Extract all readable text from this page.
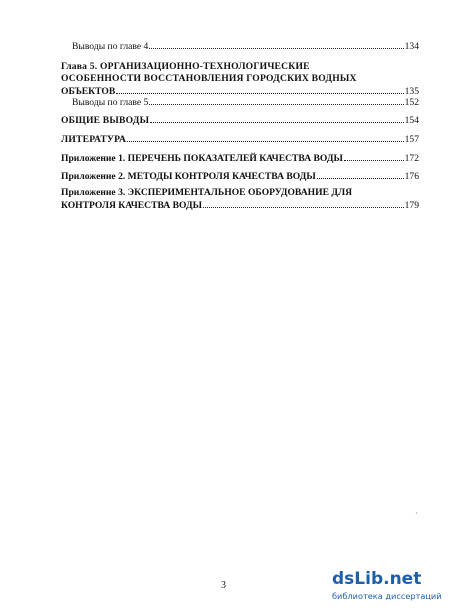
Выводы по главе 4	134
Глава 5. ОРГАНИЗАЦИОННО-ТЕХНОЛОГИЧЕСКИЕ
ОСОБЕННОСТИ ВОССТАНОВЛЕНИЯ ГОРОДСКИХ ВОДНЫХ
ОБЪЕКТОВ	135
Выводы по главе 5	152
ОБЩИЕ ВЫВОДЫ	154
ЛИТЕРАТУРА	157
Приложение 1. ПЕРЕЧЕНЬ ПОКАЗАТЕЛЕЙ КАЧЕСТВА ВОДЫ	172
Приложение 2. МЕТОДЫ КОНТРОЛЯ КАЧЕСТВА ВОДЫ	176
Приложение 3. ЭКСПЕРИМЕНТАЛЬНОЕ ОБОРУДОВАНИЕ ДЛЯ
КОНТРОЛЯ КАЧЕСТВА ВОДЫ	179
·
3	dsLib.net
библиотека диссертаций
